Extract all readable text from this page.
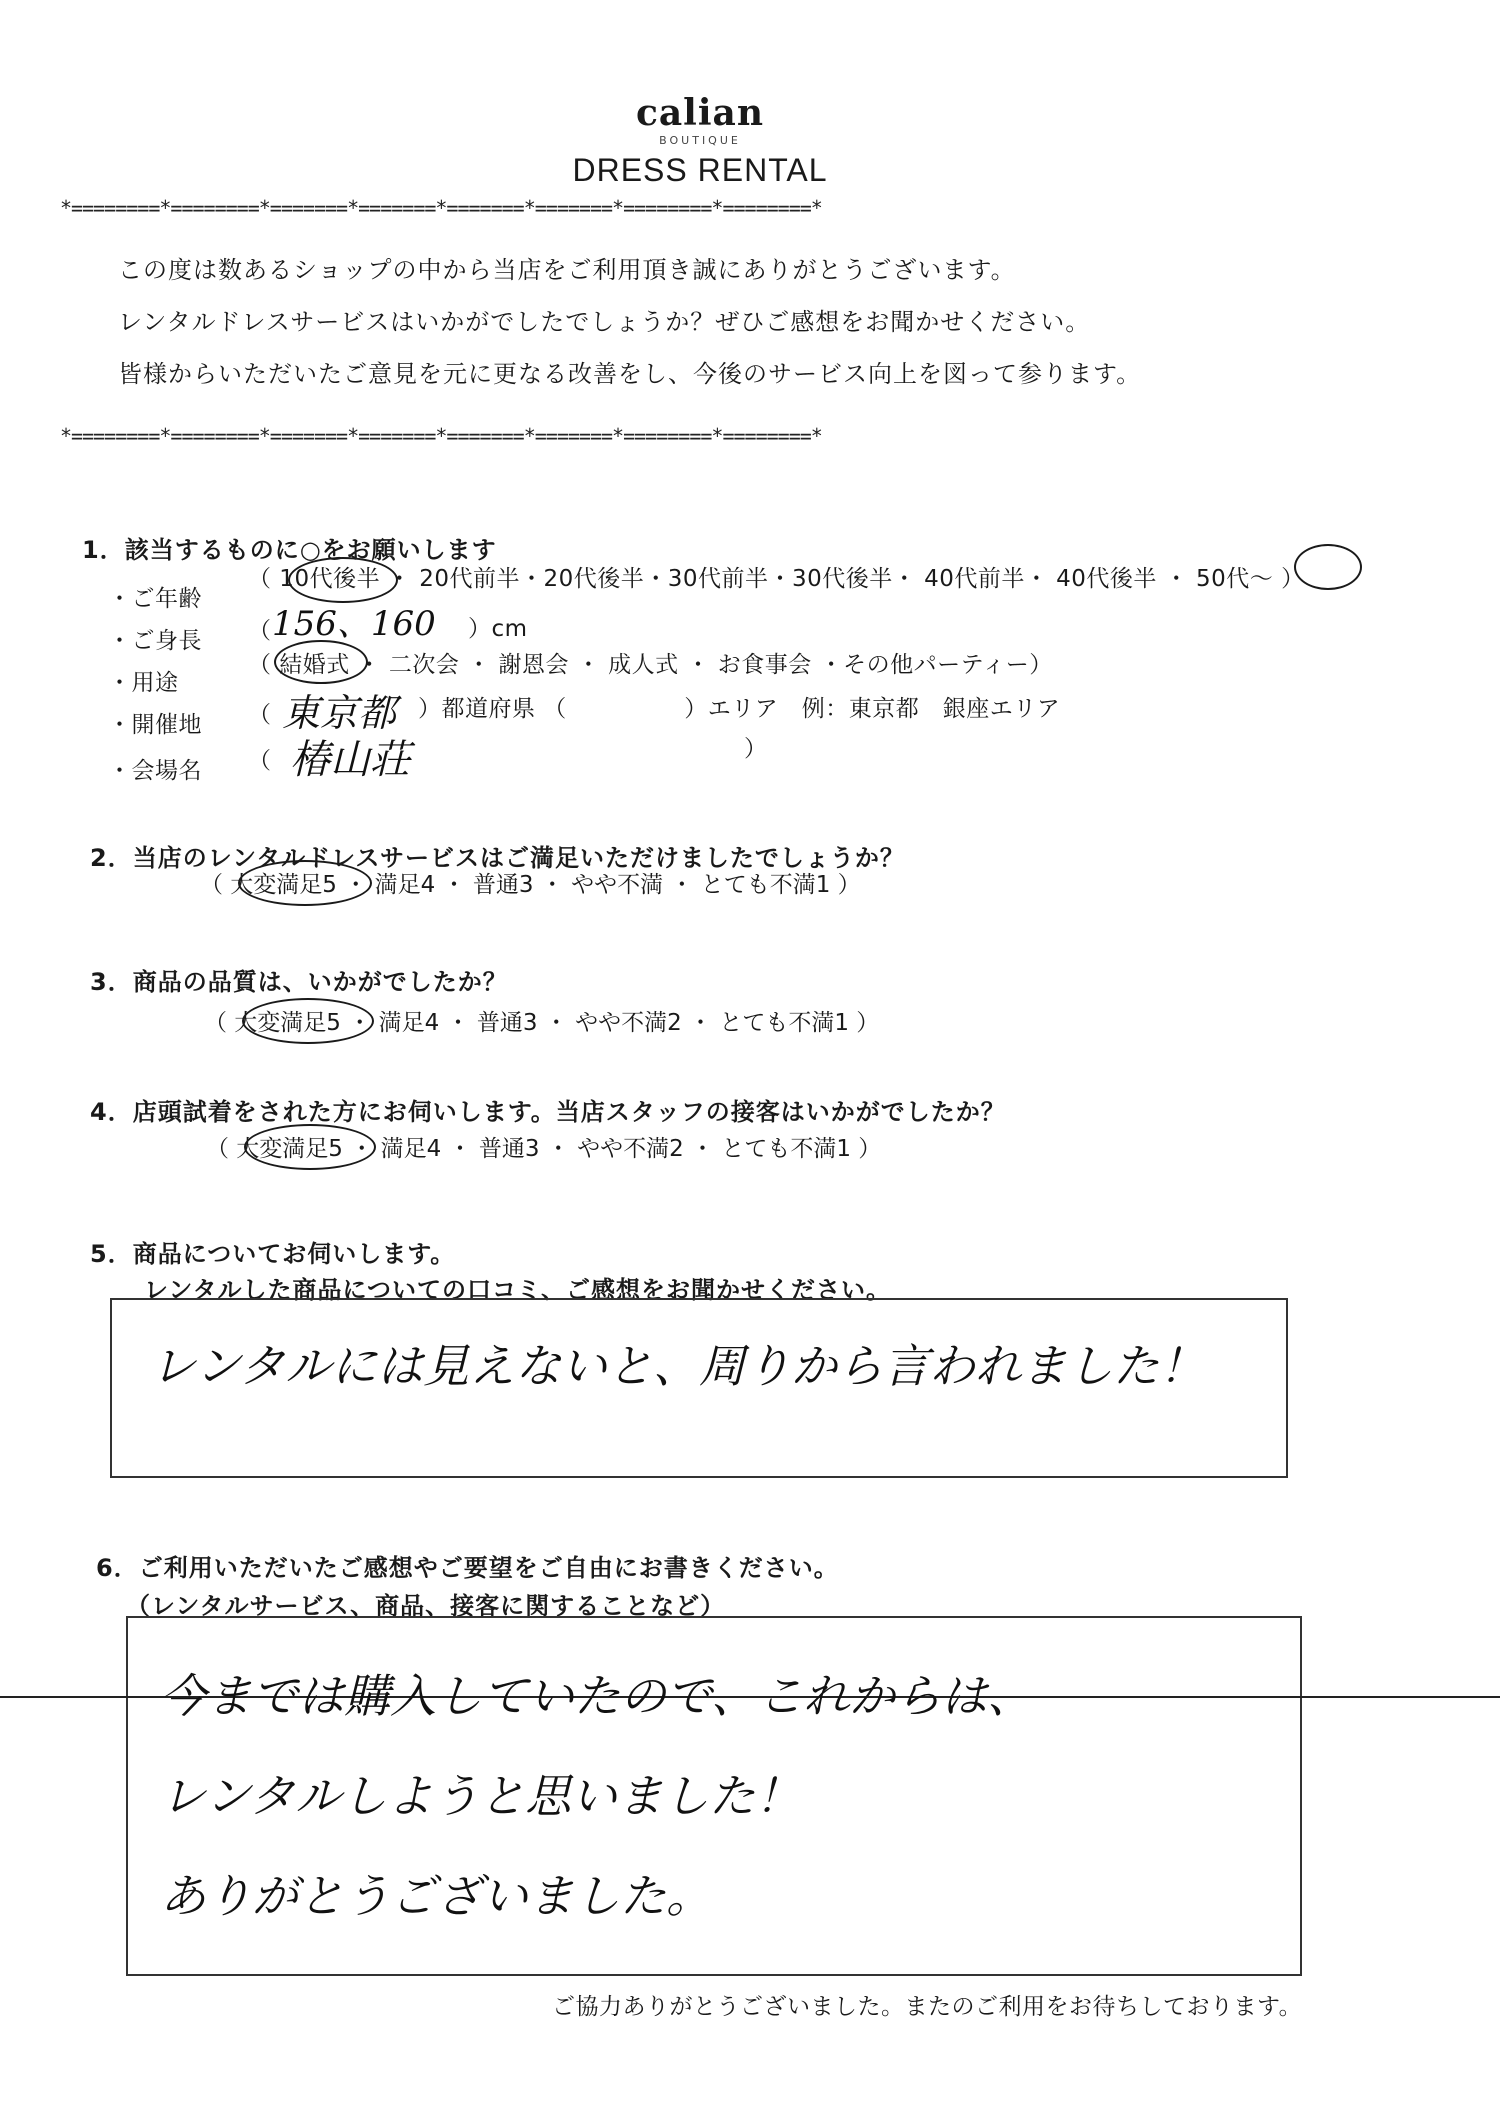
calian
BOUTIQUE
DRESS RENTAL
*========*========*=======*=======*=======*=======*========*========*
この度は数あるショップの中から当店をご利用頂き誠にありがとうございます。
レンタルドレスサービスはいかがでしたでしょうか？ぜひご感想をお聞かせください。
皆様からいただいたご意見を元に更なる改善をし、今後のサービス向上を図って参ります。
*========*========*=======*=======*=======*=======*========*========*
1．該当するものに○をお願いします
・ご年齢
（ 10代後半 ・ 20代前半・20代後半・30代前半・30代後半・ 40代前半・ 40代後半 ・ 50代～ ）
・ご身長 （ 156、160 ）cm
・用途
（ 結婚式 ・ 二次会 ・ 謝恩会 ・ 成人式 ・ お食事会 ・その他パーティー）
・開催地 （ 東京都 ）都道府県 （　　　　　）エリア　例：東京都　銀座エリア
・会場名 （ 椿山荘	）
2．当店のレンタルドレスサービスはご満足いただけましたでしょうか？
（ 大変満足5 ・ 満足4 ・ 普通3 ・ やや不満 ・ とても不満1 ）
3．商品の品質は、いかがでしたか？
（ 大変満足5 ・ 満足4 ・ 普通3 ・ やや不満2 ・ とても不満1 ）
4．店頭試着をされた方にお伺いします。当店スタッフの接客はいかがでしたか？
（ 大変満足5 ・ 満足4 ・ 普通3 ・ やや不満2 ・ とても不満1 ）
5．商品についてお伺いします。
レンタルした商品についての口コミ、ご感想をお聞かせください。
レンタルには見えないと、周りから言われました！
6．ご利用いただいたご感想やご要望をご自由にお書きください。
（レンタルサービス、商品、接客に関することなど）
今までは購入していたので、これからは、
レンタルしようと思いました！
ありがとうございました。
ご協力ありがとうございました。またのご利用をお待ちしております。
